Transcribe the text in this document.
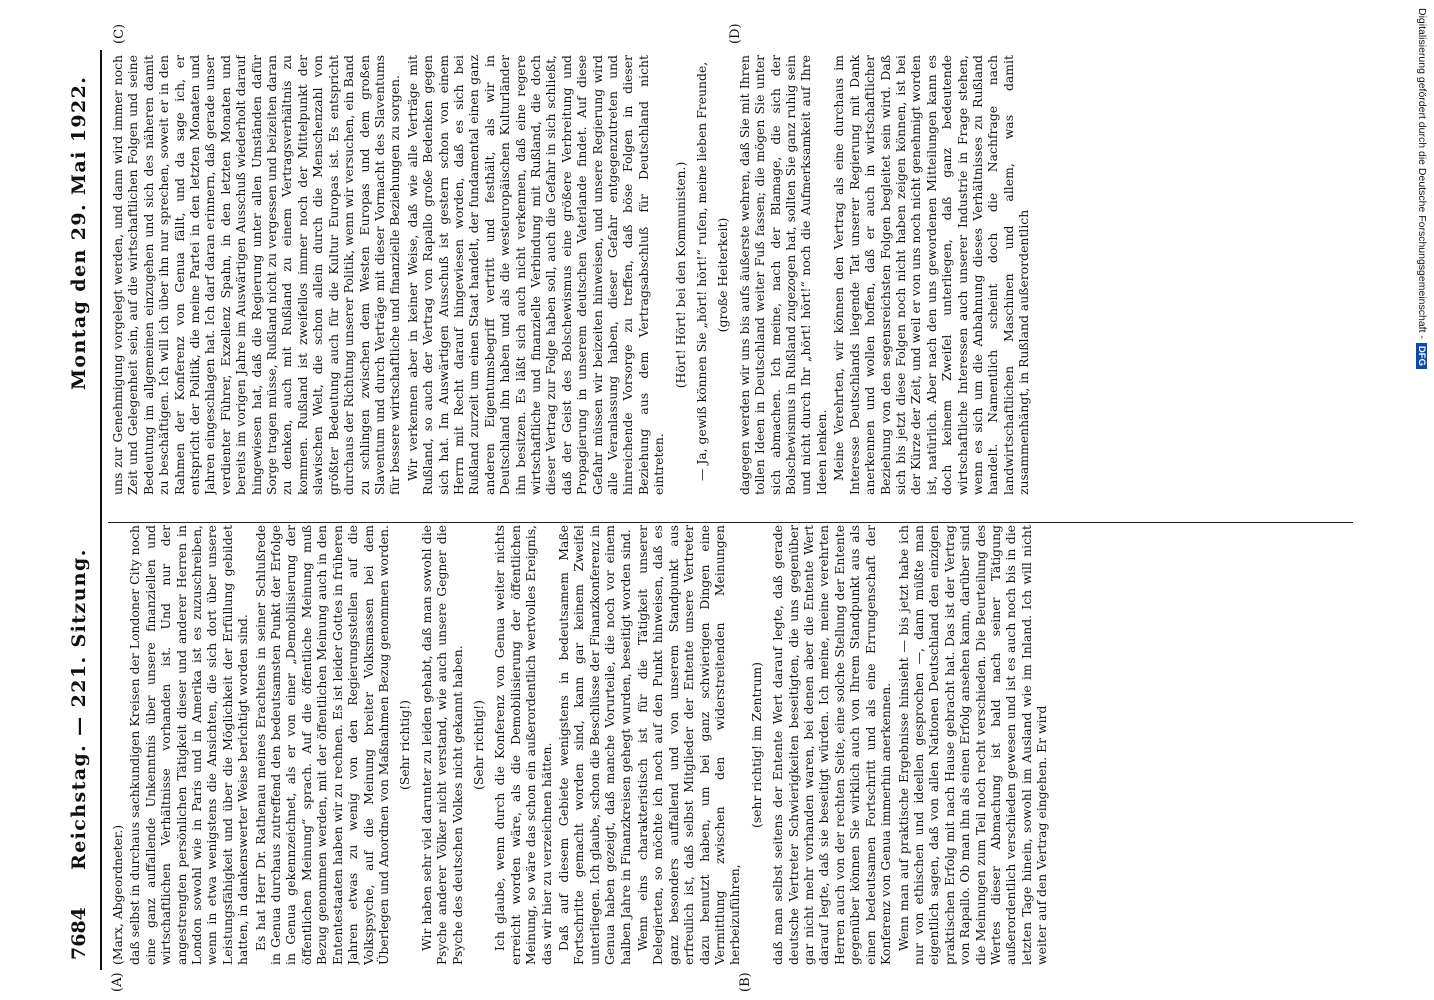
7684
Reichstag. — 221. Sitzung.
Montag den 29. Mai 1922.
(A)	(B)
(C)	(D)

(Marx, Abgeordneter.) daß selbst in durchaus sachkundigen Kreisen der Londoner City noch eine ganz auffallende Unkenntnis über unsere finanziellen und wirtschaftlichen Verhältnisse vorhanden ist. Und nur der angestrengten persönlichen Tätigkeit dieser und anderer Herren in London sowohl wie in Paris und in Amerika ist es zuzuschreiben, wenn in etwa wenigstens die Ansichten, die sich dort über unsere Leistungsfähigkeit und über die Möglichkeit der Erfüllung gebildet hatten, in dankenswerter Weise berichtigt worden sind. Es hat Herr Dr. Rathenau meines Erachtens in seiner Schlußrede in Genua durchaus zutreffend den bedeutsamsten Punkt der Erfolge in Genua gekennzeichnet, als er von einer „Demobilisierung der öffentlichen Meinung“ sprach. Auf die öffentliche Meinung muß Bezug genommen werden, mit der öffentlichen Meinung auch in den Ententestaaten haben wir zu rechnen. Es ist leider Gottes in früheren Jahren etwas zu wenig von den Regierungsstellen auf die Volkspsyche, auf die Meinung breiter Volksmassen bei dem Überlegen und Anordnen von Maßnahmen Bezug genommen worden. (Sehr richtig!) Wir haben sehr viel darunter zu leiden gehabt, daß man sowohl die Psyche anderer Völker nicht verstand, wie auch unsere Gegner die Psyche des deutschen Volkes nicht gekannt haben. (Sehr richtig!) Ich glaube, wenn durch die Konferenz von Genua weiter nichts erreicht worden wäre, als die Demobilisierung der öffentlichen Meinung, so wäre das schon ein außerordentlich wertvolles Ereignis, das wir hier zu verzeichnen hätten. Daß auf diesem Gebiete wenigstens in bedeutsamem Maße Fortschritte gemacht worden sind, kann gar keinem Zweifel unterliegen. Ich glaube, schon die Beschlüsse der Finanzkonferenz in Genua haben gezeigt, daß manche Vorurteile, die noch vor einem halben Jahre in Finanzkreisen gehegt wurden, beseitigt worden sind. Wenn eins charakteristisch ist für die Tätigkeit unserer Delegierten, so möchte ich noch auf den Punkt hinweisen, daß es ganz besonders auffallend und von unserem Standpunkt aus erfreulich ist, daß selbst Mitglieder der Entente unsere Vertreter dazu benutzt haben, um bei ganz schwierigen Dingen eine Vermittlung zwischen den widerstreitenden Meinungen herbeizuführen,

(sehr richtig! im Zentrum) daß man selbst seitens der Entente Wert darauf legte, daß gerade deutsche Vertreter Schwierigkeiten beseitigten, die uns gegenüber gar nicht mehr vorhanden waren, bei denen aber die Entente Wert darauf legte, daß sie beseitigt würden. Ich meine, meine verehrten Herren auch von der rechten Seite, eine solche Stellung der Entente gegenüber können Sie wirklich auch von Ihrem Standpunkt aus als einen bedeutsamen Fortschritt und als eine Errungenschaft der Konferenz von Genua immerhin anerkennen. Wenn man auf praktische Ergebnisse hinsieht — bis jetzt habe ich nur von ethischen und ideellen gesprochen —, dann müßte man eigentlich sagen, daß von allen Nationen Deutschland den einzigen praktischen Erfolg mit nach Hause gebracht hat. Das ist der Vertrag von Rapallo. Ob man ihn als einen Erfolg ansehen kann, darüber sind die Meinungen zum Teil noch recht verschieden. Die Beurteilung des Wertes dieser Abmachung ist bald nach seiner Tätigung außerordentlich verschieden gewesen und ist es auch noch bis in die letzten Tage hinein, sowohl im Ausland wie im Inland. Ich will nicht weiter auf den Vertrag eingehen. Er wird

uns zur Genehmigung vorgelegt werden, und dann wird immer noch Zeit und Gelegenheit sein, auf die wirtschaftlichen Folgen und seine Bedeutung im allgemeinen einzugehen und sich des näheren damit zu beschäftigen. Ich will ich über ihn nur sprechen, soweit er in den Rahmen der Konferenz von Genua fällt, und da sage ich, er entspricht der Politik, die meine Partei in den letzten Monaten und Jahren eingeschlagen hat. Ich darf daran erinnern, daß gerade unser verdienter Führer, Exzellenz Spahn, in den letzten Monaten und bereits im vorigen Jahre im Auswärtigen Ausschuß wiederholt darauf hingewiesen hat, daß die Regierung unter allen Umständen dafür Sorge tragen müsse, Rußland nicht zu vergessen und beizeiten daran zu denken, auch mit Rußland zu einem Vertragsverhältnis zu kommen. Rußland ist zweifellos immer noch der Mittelpunkt der slawischen Welt, die schon allein durch die Menschenzahl von größter Bedeutung auch für die Kultur Europas ist. Es entspricht durchaus der Richtung unserer Politik, wenn wir versuchen, ein Band zu schlingen zwischen dem Westen Europas und dem großen Slaventum und durch Verträge mit dieser Vormacht des Slaventums für bessere wirtschaftliche und finanzielle Beziehungen zu sorgen. Wir verkennen aber in keiner Weise, daß wie alle Verträge mit Rußland, so auch der Vertrag von Rapallo große Bedenken gegen sich hat. Im Auswärtigen Ausschuß ist gestern schon von einem Herrn mit Recht darauf hingewiesen worden, daß es sich bei Rußland zurzeit um einen Staat handelt, der fundamental einen ganz anderen Eigentumsbegriff vertritt und festhält, als wir in Deutschland ihn haben und als die westeuropäischen Kulturländer ihn besitzen. Es läßt sich auch nicht verkennen, daß eine regere wirtschaftliche und finanzielle Verbindung mit Rußland, die doch dieser Vertrag zur Folge haben soll, auch die Gefahr in sich schließt, daß der Geist des Bolschewismus eine größere Verbreitung und Propagierung in unserem deutschen Vaterlande findet. Auf diese Gefahr müssen wir beizeiten hinweisen, und unsere Regierung wird alle Veranlassung haben, dieser Gefahr entgegenzutreten und hinreichende Vorsorge zu treffen, daß böse Folgen in dieser Beziehung aus dem Vertragsabschluß für Deutschland nicht eintreten.

(Hört! Hört! bei den Kommunisten.) — Ja, gewiß können Sie „hört! hört!“ rufen, meine lieben Freunde, (große Heiterkeit) dagegen werden wir uns bis aufs äußerste wehren, daß Sie mit Ihren tollen Ideen in Deutschland weiter Fuß fassen; die mögen Sie unter sich abmachen. Ich meine, nach der Blamage, die sich der Bolschewismus in Rußland zugezogen hat, sollten Sie ganz ruhig sein und nicht durch Ihr „hört! hört!“ noch die Aufmerksamkeit auf Ihre Ideen lenken. Meine Verehrten, wir können den Vertrag als eine durchaus im Interesse Deutschlands liegende Tat unserer Regierung mit Dank anerkennen und wollen hoffen, daß er auch in wirtschaftlicher Beziehung von den segensreichsten Folgen begleitet sein wird. Daß sich bis jetzt diese Folgen noch nicht haben zeigen können, ist bei der Kürze der Zeit, und weil er von uns noch nicht genehmigt worden ist, natürlich. Aber nach den uns gewordenen Mitteilungen kann es doch keinem Zweifel unterliegen, daß ganz bedeutende wirtschaftliche Interessen auch unserer Industrie in Frage stehen, wenn es sich um die Anbahnung dieses Verhältnisses zu Rußland handelt. Namentlich scheint doch die Nachfrage nach landwirtschaftlichen Maschinen und allem, was damit zusammenhängt, in Rußland außerordentlich

Digitalisierung gefördert durch die Deutsche Forschungsgemeinschaft -DFG
